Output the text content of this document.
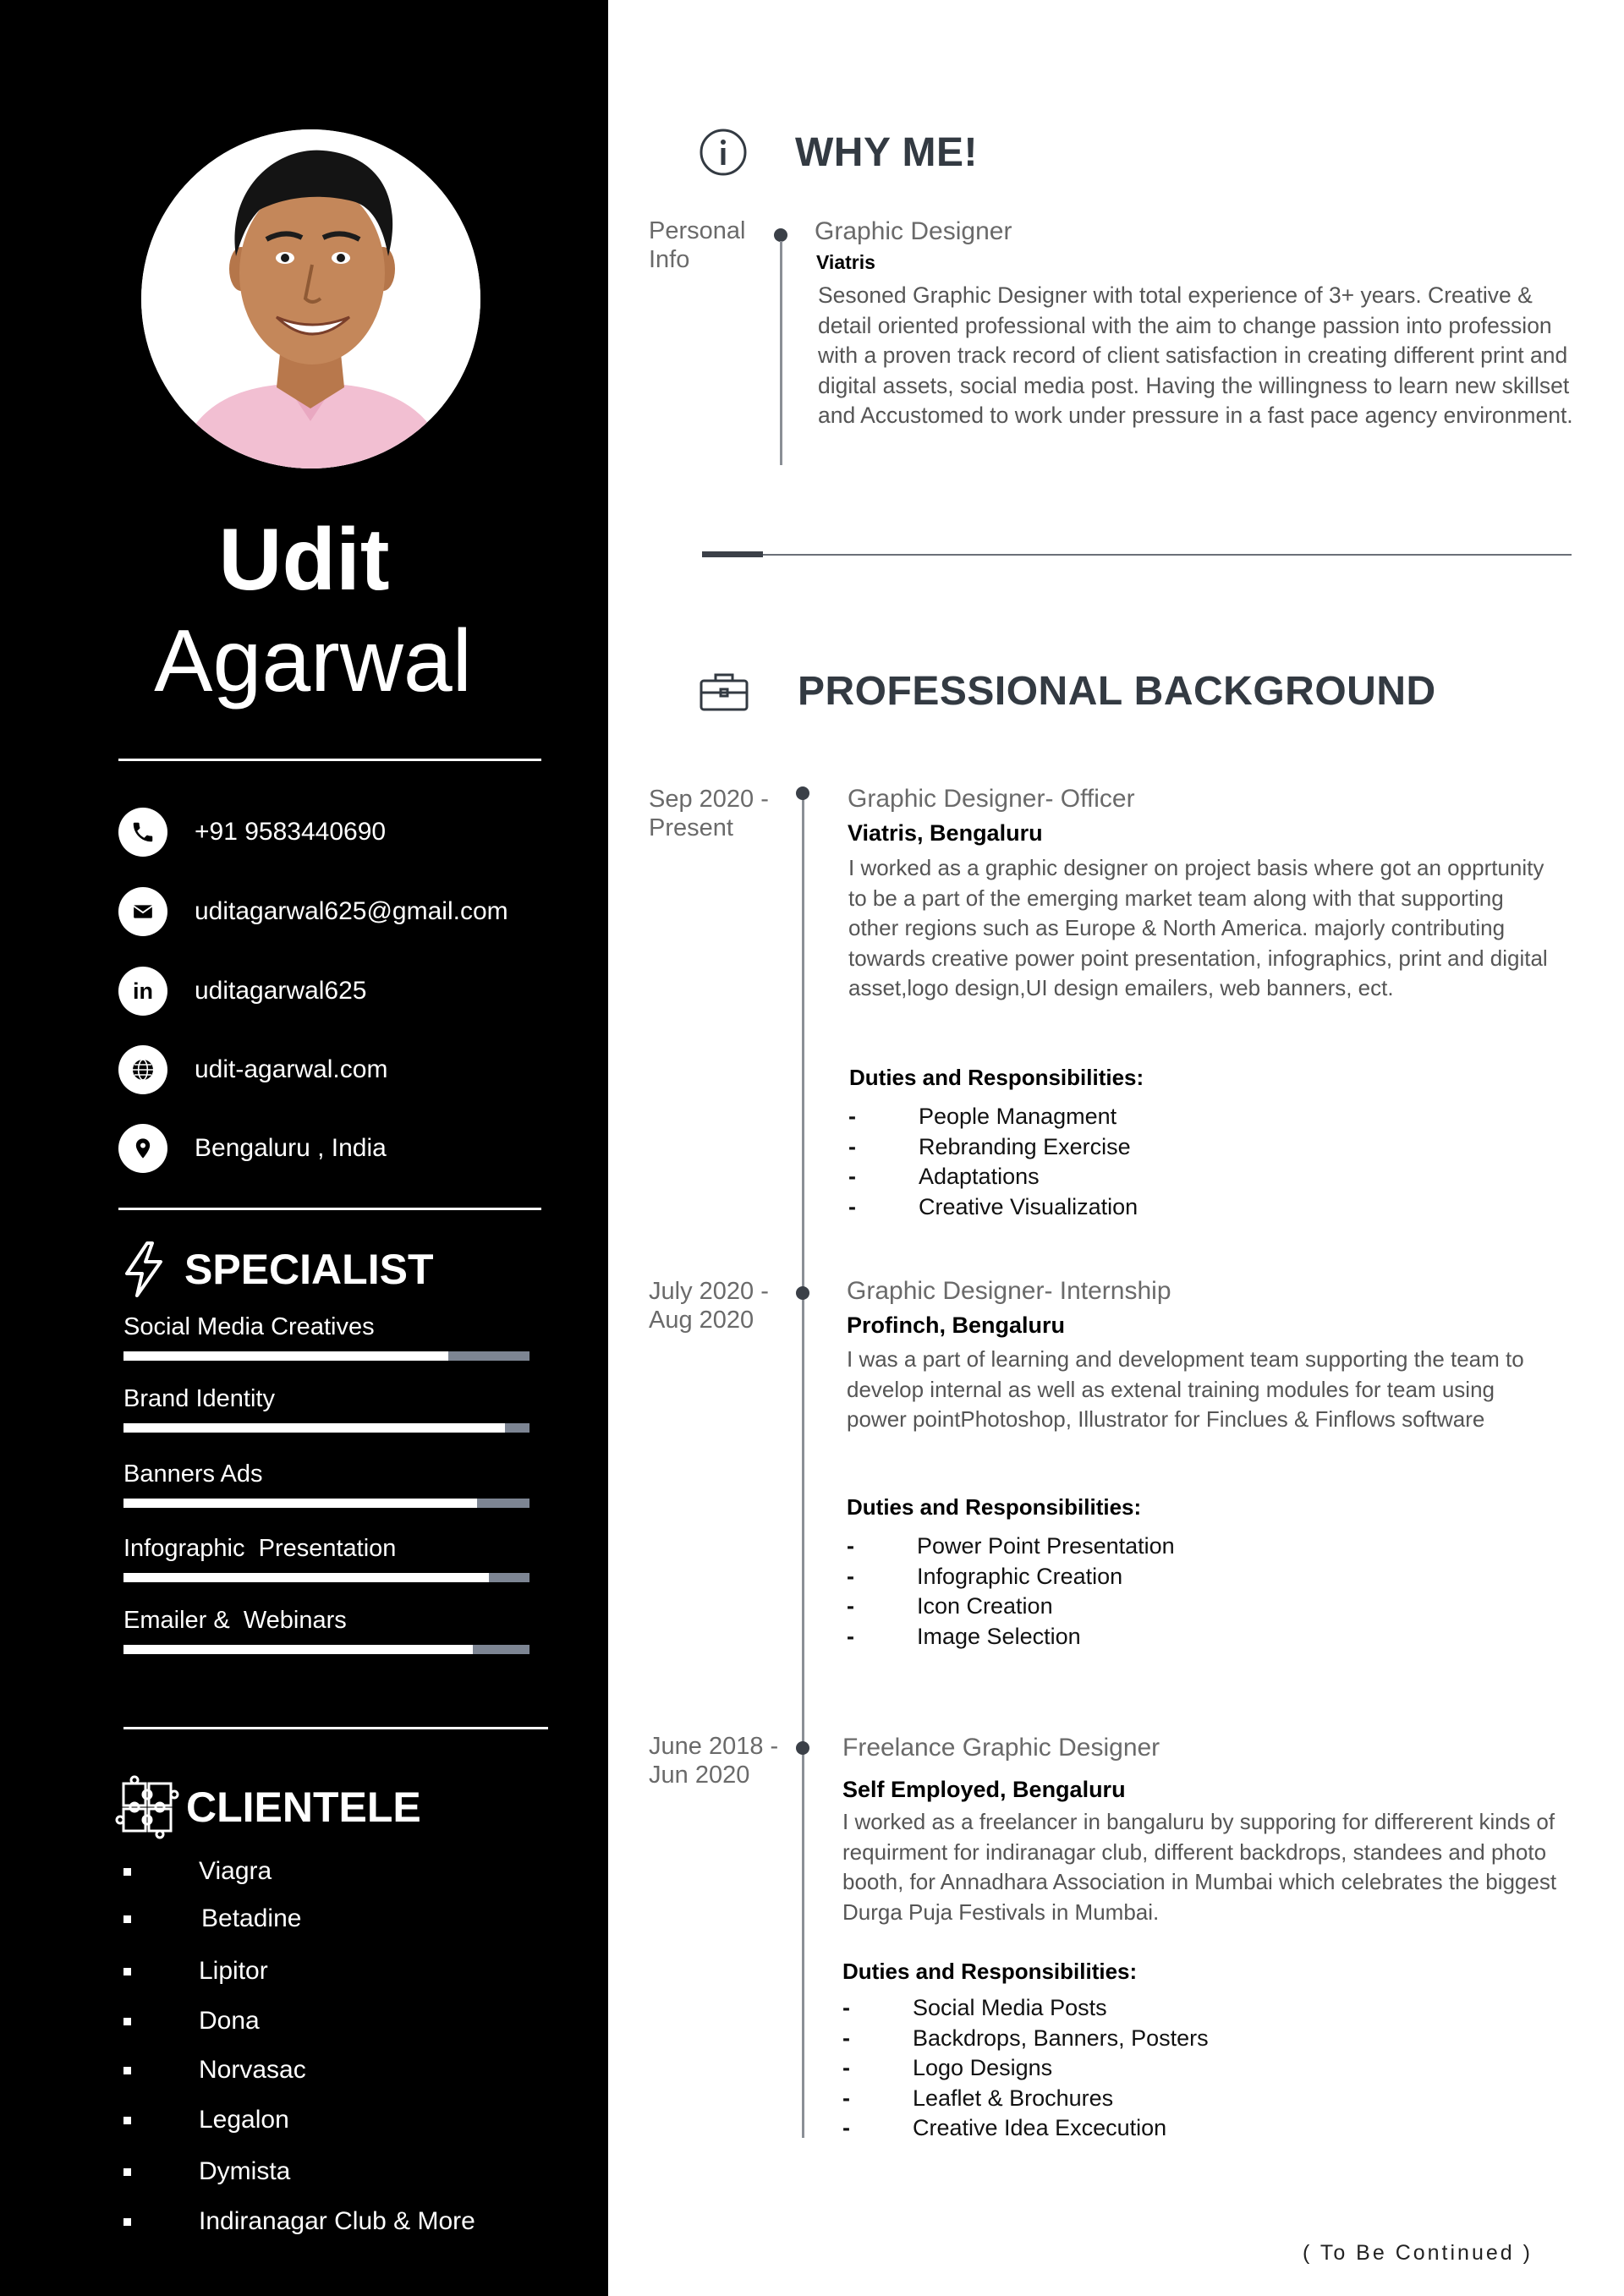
Udit
Agarwal
+91 9583440690
uditagarwal625@gmail.com
in uditagarwal625
udit-agarwal.com
Bengaluru , India
SPECIALIST
Social Media Creatives
Brand Identity
Banners Ads
Infographic  Presentation
Emailer &  Webinars
CLIENTELE
Viagra
Betadine
Lipitor
Dona
Norvasac
Legalon
Dymista
Indiranagar Club & More
WHY ME!
Personal
Info
Graphic Designer
Viatris
Sesoned Graphic Designer with total experience of 3+ years. Creative & detail oriented professional with the aim to change passion into profession with a proven track record of client satisfaction in creating different print and digital assets, social media post. Having the willingness to learn new skillset and Accustomed to work under pressure in a fast pace agency environment.
PROFESSIONAL BACKGROUND
Sep 2020 -
Present
Graphic Designer- Officer
Viatris, Bengaluru
I worked as a graphic designer on project basis where got an opprtunity to be a part of the emerging market team along with that supporting other regions such as Europe & North America. majorly contributing towards creative power point presentation, infographics, print and digital asset,logo design,UI design emailers, web banners, ect.
Duties and Responsibilities:
-	People Managment
-	Rebranding Exercise
-	Adaptations
-	Creative Visualization
July 2020 -
Aug 2020
Graphic Designer- Internship
Profinch, Bengaluru
I was a part of learning and development team supporting the team to develop internal as well as extenal training modules for team using power pointPhotoshop, Illustrator for Finclues & Finflows software
Duties and Responsibilities:
-	Power Point Presentation
-	Infographic Creation
-	Icon Creation
-	Image Selection
June 2018 -
Jun 2020
Freelance Graphic Designer
Self Employed, Bengaluru
I worked as a freelancer in bangaluru by supporing for differerent kinds of requirment for indiranagar club, different backdrops, standees and photo booth, for Annadhara Association in Mumbai which celebrates the biggest Durga Puja Festivals in Mumbai.
Duties and Responsibilities:
-	Social Media Posts
-	Backdrops, Banners, Posters
-	Logo Designs
-	Leaflet & Brochures
-	Creative Idea Excecution
( To Be Continued )
